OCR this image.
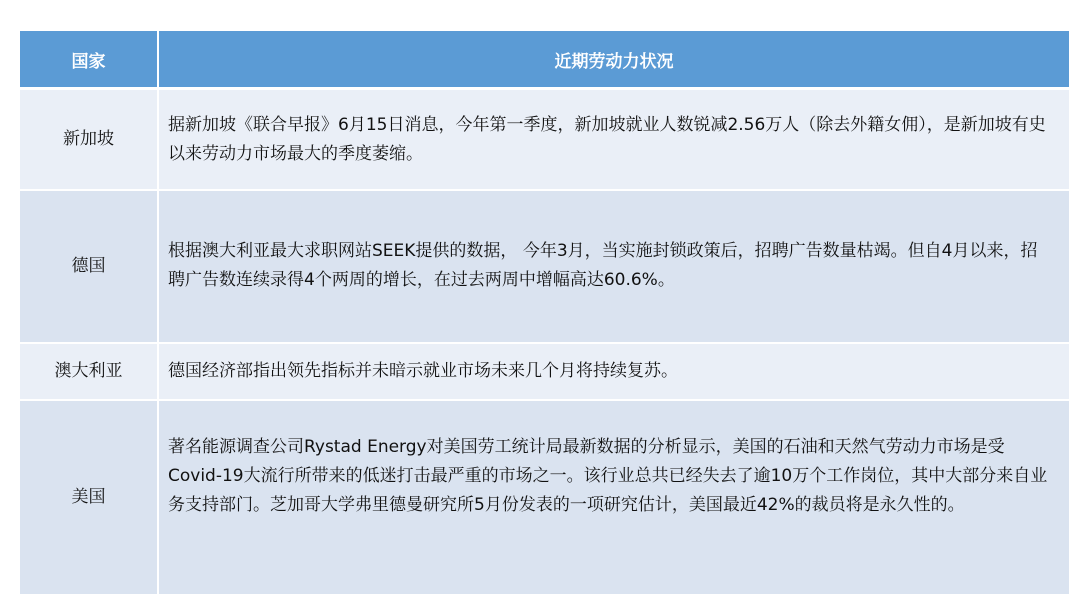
国家	近期劳动力状况
新加坡	据新加坡《联合早报》6月15日消息，今年第一季度，新加坡就业人数锐减2.56万人（除去外籍女佣），是新加坡有史以来劳动力市场最大的季度萎缩。
德国	根据澳大利亚最大求职网站SEEK提供的数据， 今年3月，当实施封锁政策后，招聘广告数量枯竭。但自4月以来，招聘广告数连续录得4个两周的增长，在过去两周中增幅高达60.6%。
澳大利亚	德国经济部指出领先指标并未暗示就业市场未来几个月将持续复苏。
美国	著名能源调查公司Rystad Energy对美国劳工统计局最新数据的分析显示，美国的石油和天然气劳动力市场是受Covid-19大流行所带来的低迷打击最严重的市场之一。该行业总共已经失去了逾10万个工作岗位，其中大部分来自业务支持部门。芝加哥大学弗里德曼研究所5月份发表的一项研究估计，美国最近42%的裁员将是永久性的。
